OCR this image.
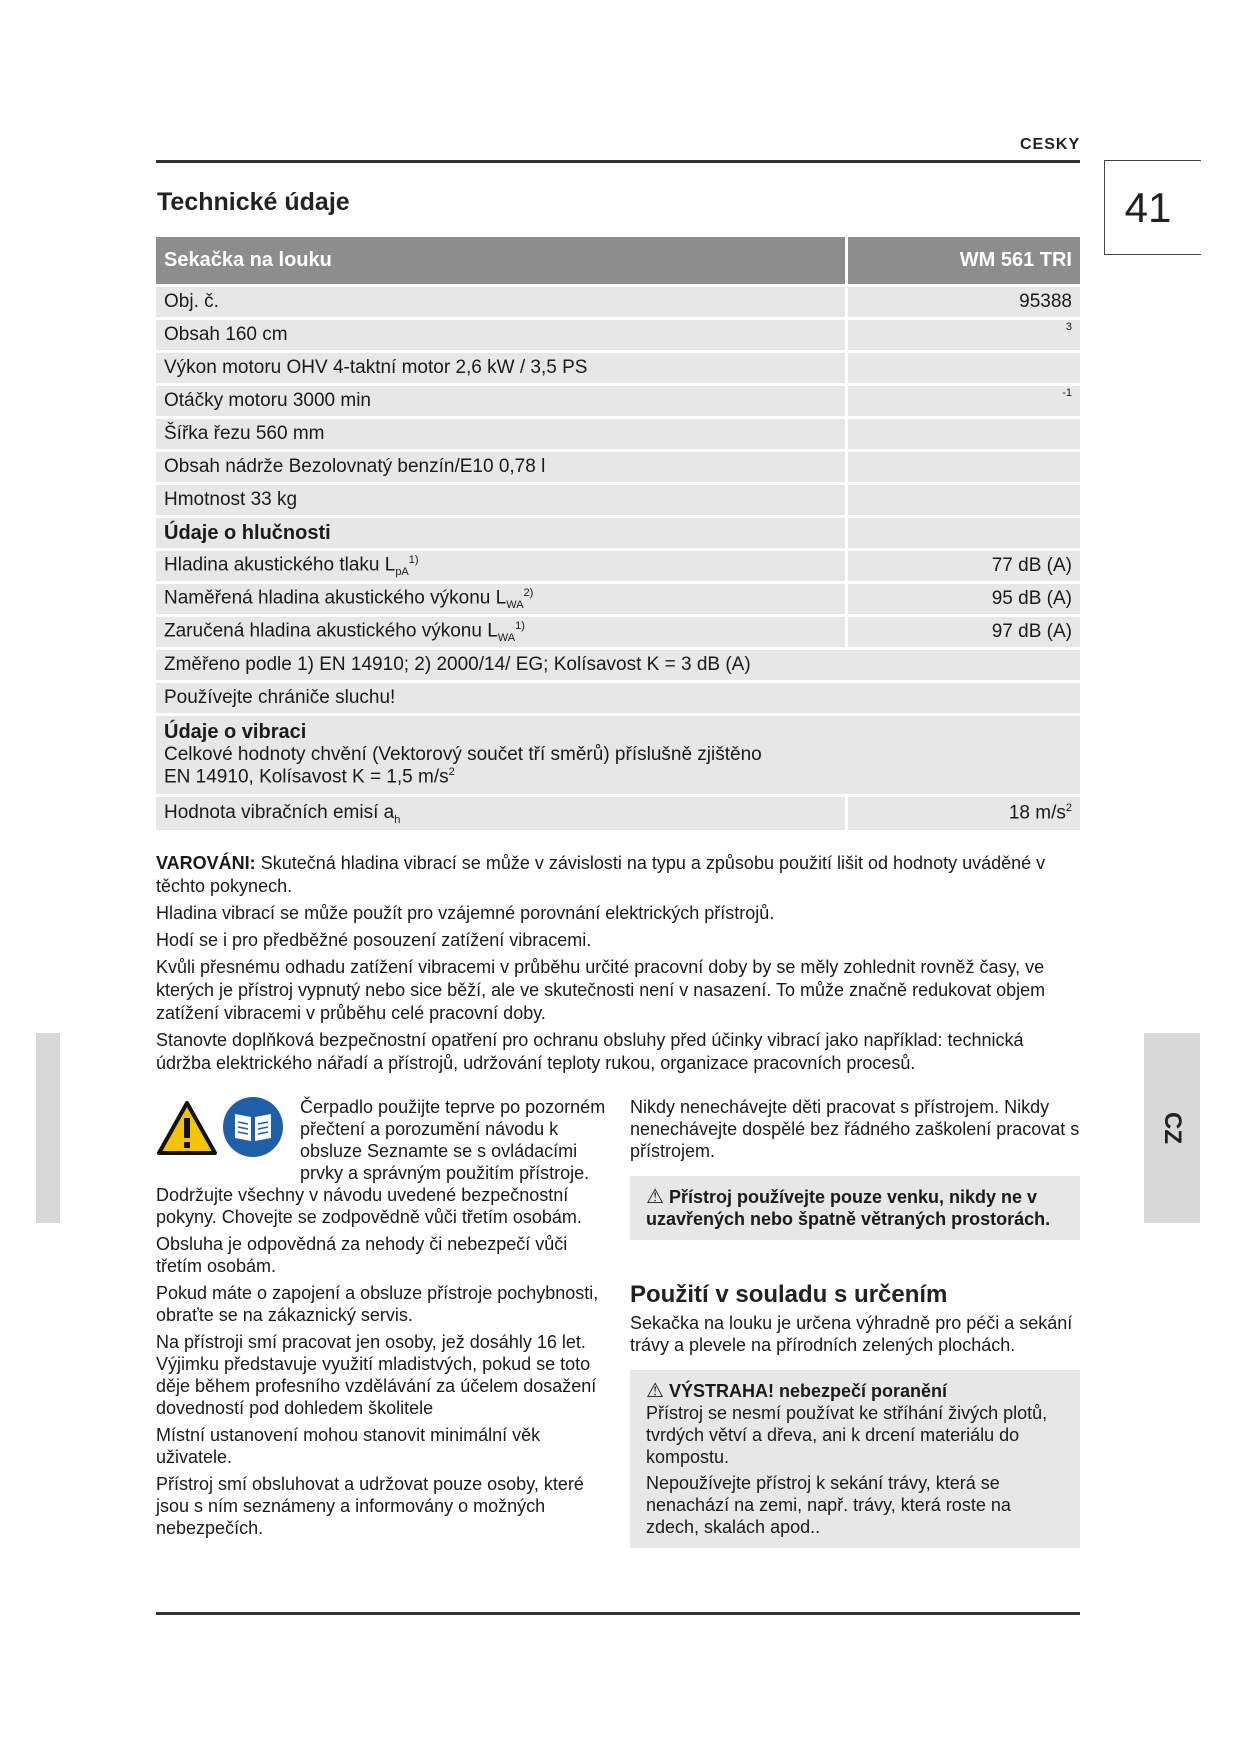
CESKY
41
Technické údaje
Sekačka na louku	WM 561 TRI
Obj. č.	95388
Obsah 160 cm	$^3$
Výkon motoru OHV 4-taktní motor 2,6 kW / 3,5 PS	
Otáčky motoru 3000 min	$^{-1}$
Šířka řezu 560 mm	
Obsah nádrže Bezolovnatý benzín/E10 0,78 l	
Hmotnost 33 kg	
Údaje o hlučnosti	
Hladina akustického tlaku $L_{pA}^{1)}$	77 dB (A)
Naměřená hladina akustického výkonu $L_{WA}^{2)}$	95 dB (A)
Zaručená hladina akustického výkonu $L_{WA}^{1)}$	97 dB (A)
Změřeno podle 1) EN 14910; 2) 2000/14/ EG; Kolísavost K = 3 dB (A)	
Používejte chrániče sluchu!	

Údaje o vibraci
Celkové hodnoty chvění (Vektorový součet tří směrů) příslušně zjištěno
EN 14910, Kolísavost K = 1,5 $m/s^2$

Hodnota vibračních emisí $a_h$	18 $m/s^2$

VAROVÁNI: Skutečná hladina vibrací se může v závislosti na typu a způsobu použití lišit od hodnoty uváděné v těchto pokynech.

Hladina vibrací se může použít pro vzájemné porovnání elektrických přístrojů.

Hodí se i pro předběžné posouzení zatížení vibracemi.

Kvůli přesnému odhadu zatížení vibracemi v průběhu určité pracovní doby by se měly zohlednit rovněž časy, ve kterých je přístroj vypnutý nebo sice běží, ale ve skutečnosti není v nasazení. To může značně redukovat objem zatížení vibracemi v průběhu celé pracovní doby.

Stanovte doplňková bezpečnostní opatření pro ochranu obsluhy před účinky vibrací jako například: technická údržba elektrického nářadí a přístrojů, udržování teploty rukou, organizace pracovních procesů.

CZ

Čerpadlo použijte teprve po pozorném přečtení a porozumění návodu k obsluze Seznamte se s ovládacími prvky a správným použitím přístroje. Dodržujte všechny v návodu uvedené bezpečnostní pokyny. Chovejte se zodpovědně vůči třetím osobám.

Obsluha je odpovědná za nehody či nebezpečí vůči třetím osobám.

Pokud máte o zapojení a obsluze přístroje pochybnosti, obraťte se na zákaznický servis.

Na přístroji smí pracovat jen osoby, jež dosáhly 16 let. Výjimku představuje využití mladistvých, pokud se toto děje během profesního vzdělávání za účelem dosažení dovedností pod dohledem školitele

Místní ustanovení mohou stanovit minimální věk uživatele.

Přístroj smí obsluhovat a udržovat pouze osoby, které jsou s ním seznámeny a informovány o možných nebezpečích.

Nikdy nenechávejte děti pracovat s přístrojem. Nikdy nenechávejte dospělé bez řádného zaškolení pracovat s přístrojem.

⚠ Přístroj používejte pouze venku, nikdy ne v uzavřených nebo špatně větraných prostorách.
Použití v souladu s určením

Sekačka na louku je určena výhradně pro péči a sekání trávy a plevele na přírodních zelených plochách.

⚠ VÝSTRAHA! nebezpečí poranění

Přístroj se nesmí používat ke stříhání živých plotů, tvrdých větví a dřeva, ani k drcení materiálu do kompostu.

Nepoužívejte přístroj k sekání trávy, která se nenachází na zemi, např. trávy, která roste na zdech, skalách apod..
